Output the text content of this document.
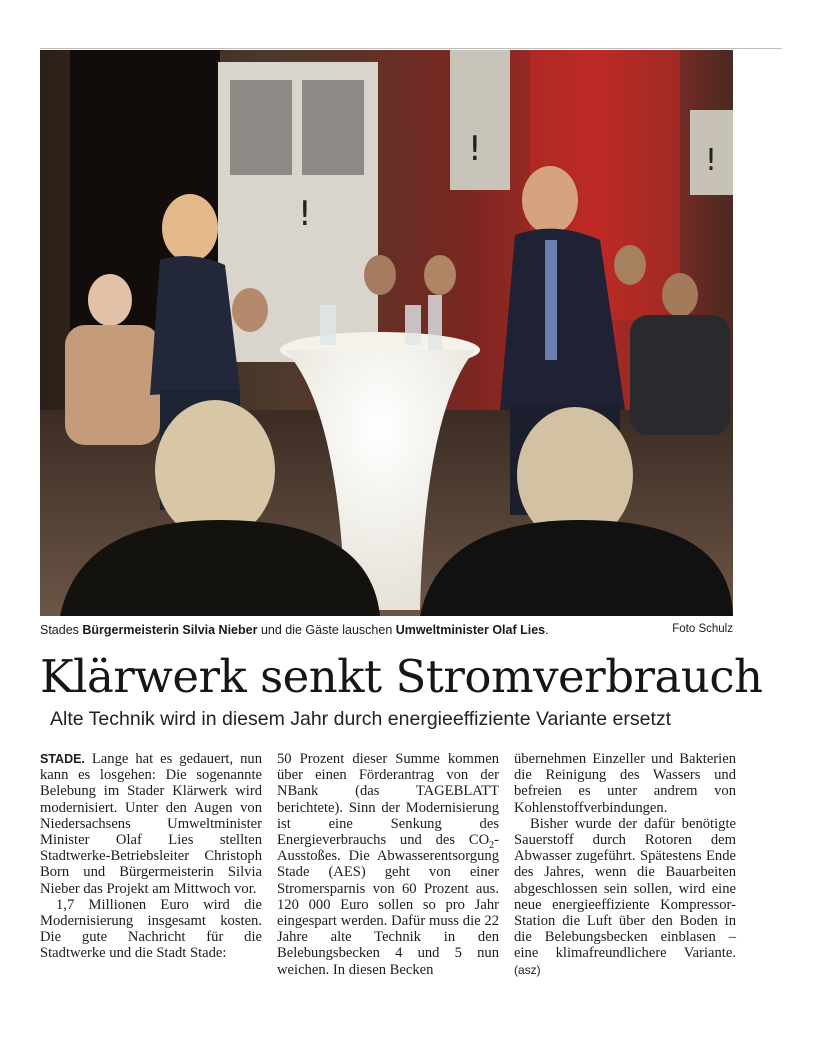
!
!	!
Stades Bürgermeisterin Silvia Nieber und die Gäste lauschen Umweltminister Olaf Lies.	Foto Schulz
Klärwerk senkt Stromverbrauch
Alte Technik wird in diesem Jahr durch energieeffiziente Variante ersetzt

STADE. Lange hat es gedauert, nun kann es losgehen: Die sogenannte Belebung im Stader Klärwerk wird modernisiert. Unter den Augen von Niedersachsens Umweltminister Minister Olaf Lies stellten Stadtwerke-Betriebsleiter Christoph Born und Bürgermeisterin Silvia Nieber das Projekt am Mittwoch vor.

1,7 Millionen Euro wird die Modernisierung insgesamt kosten. Die gute Nachricht für die Stadtwerke und die Stadt Stade:

50 Prozent dieser Summe kommen über einen Förderantrag von der NBank (das TAGEBLATT berichtete). Sinn der Modernisierung ist eine Senkung des Energieverbrauchs und des $CO_2$-Ausstoßes. Die Abwasserentsorgung Stade (AES) geht von einer Stromersparnis von 60 Prozent aus. 120 000 Euro sollen so pro Jahr eingespart werden. Dafür muss die 22 Jahre alte Technik in den Belebungsbecken 4 und 5 nun weichen. In diesen Becken

übernehmen Einzeller und Bakterien die Reinigung des Wassers und befreien es unter andrem von Kohlenstoffverbindungen.

Bisher wurde der dafür benötigte Sauerstoff durch Rotoren dem Abwasser zugeführt. Spätestens Ende des Jahres, wenn die Bauarbeiten abgeschlossen sein sollen, wird eine neue energieeffiziente Kompressor-Station die Luft über den Boden in die Belebungsbecken einblasen – eine klimafreundlichere Variante. (asz)
